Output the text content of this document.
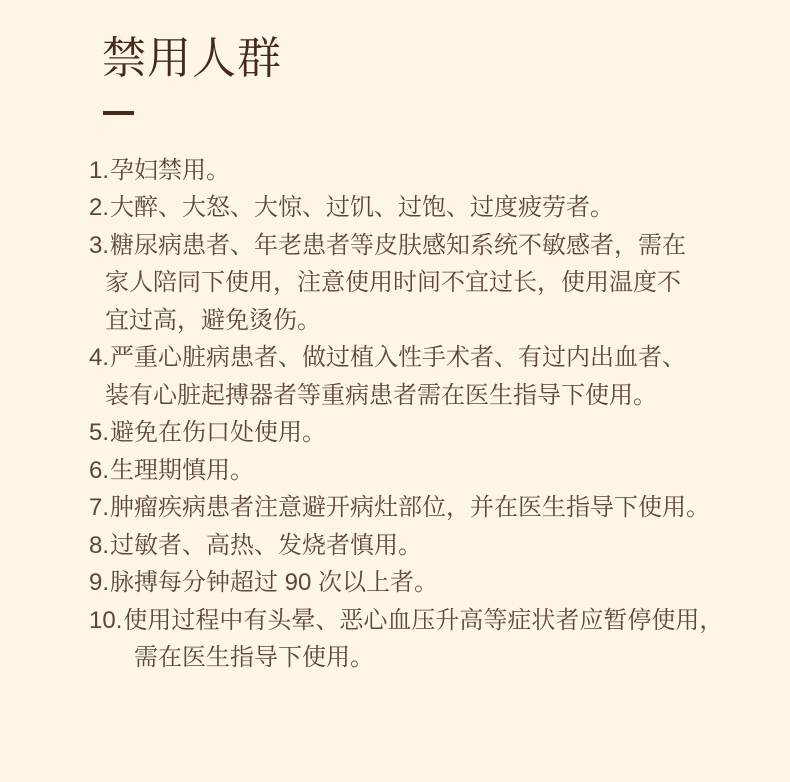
禁用人群
1.孕妇禁用。
2.大醉、大怒、大惊、过饥、过饱、过度疲劳者。
3.糖尿病患者、年老患者等皮肤感知系统不敏感者，需在
家人陪同下使用，注意使用时间不宜过长，使用温度不
宜过高，避免烫伤。
4.严重心脏病患者、做过植入性手术者、有过内出血者、
装有心脏起搏器者等重病患者需在医生指导下使用。
5.避免在伤口处使用。
6.生理期慎用。
7.肿瘤疾病患者注意避开病灶部位，并在医生指导下使用。
8.过敏者、高热、发烧者慎用。
9.脉搏每分钟超过 90 次以上者。
10.使用过程中有头晕、恶心血压升高等症状者应暂停使用，
需在医生指导下使用。
